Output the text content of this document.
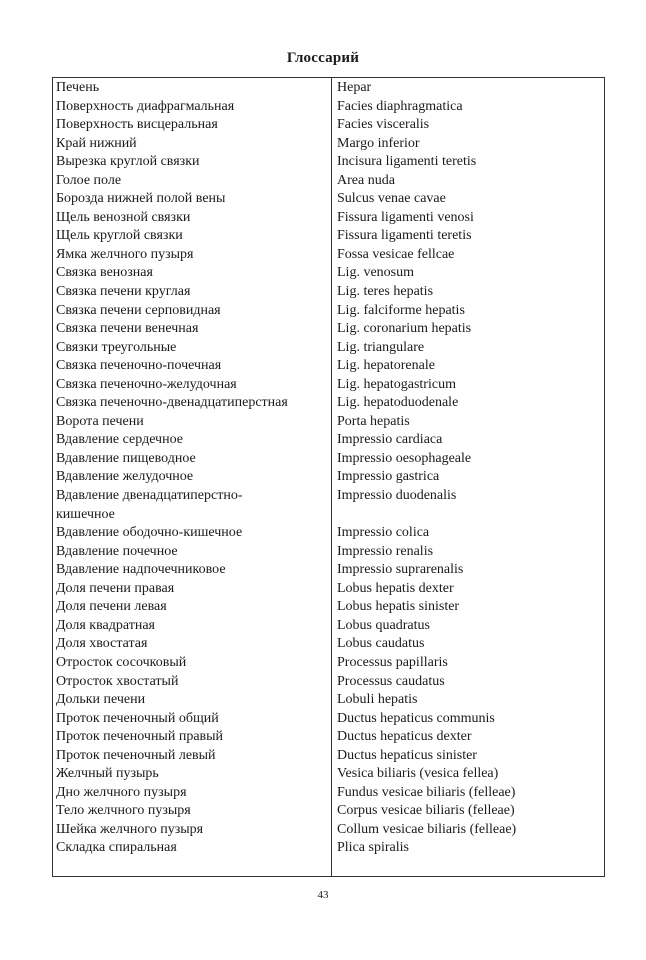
Глоссарий
Печень	Hepar
Поверхность диафрагмальная	Facies diaphragmatica
Поверхность висцеральная	Facies visceralis
Край нижний	Margo inferior
Вырезка круглой связки	Incisura ligamenti teretis
Голое поле	Area nuda
Борозда нижней полой вены	Sulcus venae cavae
Щель венозной связки	Fissura ligamenti venosi
Щель круглой связки	Fissura ligamenti teretis
Ямка желчного пузыря	Fossa vesicae fellcae
Связка венозная	Lig. venosum
Связка печени круглая	Lig. teres hepatis
Связка печени серповидная	Lig. falciforme hepatis
Связка печени венечная	Lig. coronarium hepatis
Связки треугольные	Lig. triangulare
Связка печеночно-почечная	Lig. hepatorenale
Связка печеночно-желудочная	Lig. hepatogastricum
Связка печеночно-двенадцатиперстная	Lig. hepatoduodenale
Ворота печени	Porta hepatis
Вдавление сердечное	Impressio cardiaca
Вдавление пищеводное	Impressio oesophageale
Вдавление желудочное	Impressio gastrica
Вдавление двенадцатиперстно-	Impressio duodenalis
кишечное
Вдавление ободочно-кишечное	Impressio colica
Вдавление почечное	Impressio renalis
Вдавление надпочечниковое	Impressio suprarenalis
Доля печени правая	Lobus hepatis dexter
Доля печени левая	Lobus hepatis sinister
Доля квадратная	Lobus quadratus
Доля хвостатая	Lobus caudatus
Отросток сосочковый	Processus papillaris
Отросток хвостатый	Processus caudatus
Дольки печени	Lobuli hepatis
Проток печеночный общий	Ductus hepaticus communis
Проток печеночный правый	Ductus hepaticus dexter
Проток печеночный левый	Ductus hepaticus sinister
Желчный пузырь	Vesica biliaris (vesica fellea)
Дно желчного пузыря	Fundus vesicae biliaris (felleae)
Тело желчного пузыря	Corpus vesicae biliaris (felleae)
Шейка желчного пузыря	Collum vesicae biliaris (felleae)
Складка спиральная	Plica spiralis
43
